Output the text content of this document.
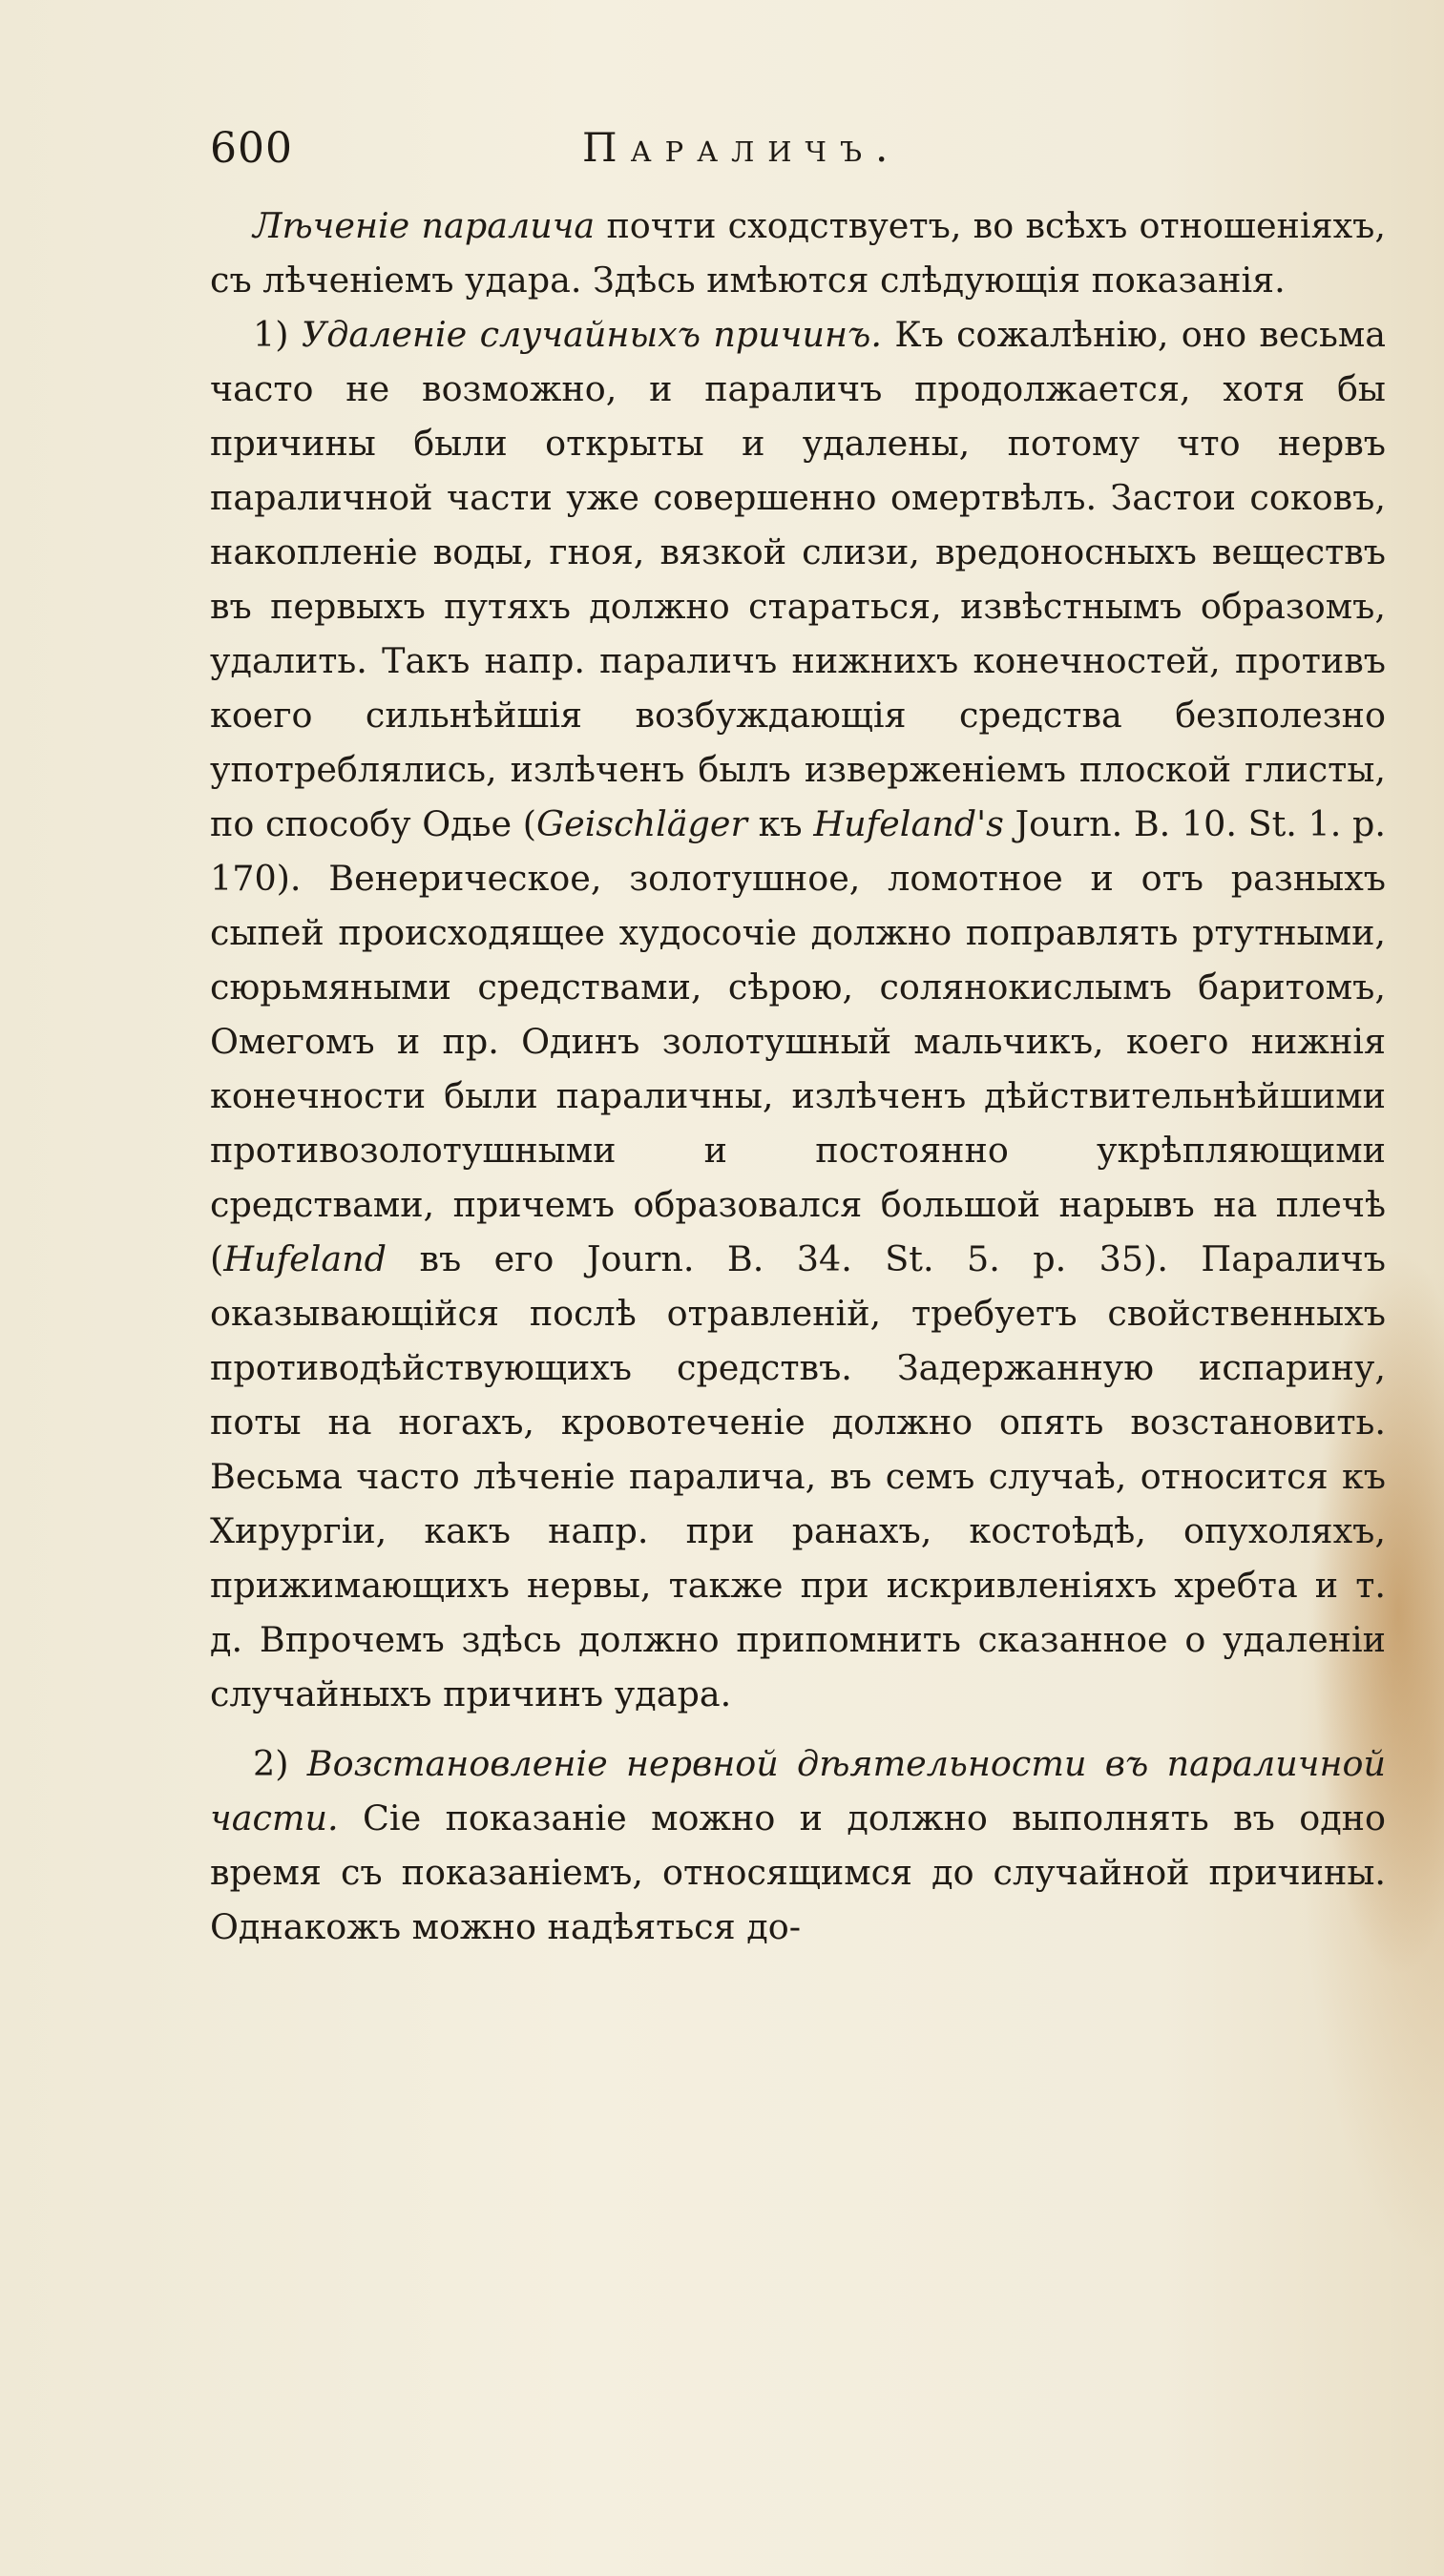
600	Параличъ.

Лѣченіе паралича почти сходствуетъ, во всѣхъ отношеніяхъ, съ лѣченіемъ удара. Здѣсь имѣются слѣдующія показанія.

1) Удаленіе случайныхъ причинъ. Къ сожалѣнію, оно весьма часто не возможно, и параличъ продолжается, хотя бы причины были открыты и удалены, потому что нервъ параличной части уже совершенно омертвѣлъ. Застои соковъ, накопленіе воды, гноя, вязкой слизи, вредоносныхъ веществъ въ первыхъ путяхъ должно стараться, извѣстнымъ образомъ, удалить. Такъ напр. параличъ нижнихъ конечностей, противъ коего сильнѣйшія возбуждающія средства безполезно употреблялись, излѣченъ былъ изверженіемъ плоской глисты, по способу Одье (Geischläger къ Hufeland's Journ. B. 10. St. 1. p. 170). Венерическое, золотушное, ломотное и отъ разныхъ сыпей происходящее худосочіе должно поправлять ртутными, сюрьмяными средствами, сѣрою, солянокислымъ баритомъ, Омегомъ и пр. Одинъ золотушный мальчикъ, коего нижнія конечности были параличны, излѣченъ дѣйствительнѣйшими противозолотушными и постоянно укрѣпляющими средствами, причемъ образовался большой нарывъ на плечѣ (Hufeland въ его Journ. B. 34. St. 5. p. 35). Параличъ оказывающійся послѣ отравленій, требуетъ свойственныхъ противодѣйствующихъ средствъ. Задержанную испарину, поты на ногахъ, кровотеченіе должно опять возстановить. Весьма часто лѣченіе паралича, въ семъ случаѣ, относится къ Хирургіи, какъ напр. при ранахъ, костоѣдѣ, опухоляхъ, прижимающихъ нервы, также при искривленіяхъ хребта и т. д. Впрочемъ здѣсь должно припомнить сказанное о удаленіи случайныхъ причинъ удара.

2) Возстановленіе нервной дѣятельности въ параличной части. Сіе показаніе можно и должно выполнять въ одно время съ показаніемъ, относящимся до случайной причины. Однакожъ можно надѣяться до-
